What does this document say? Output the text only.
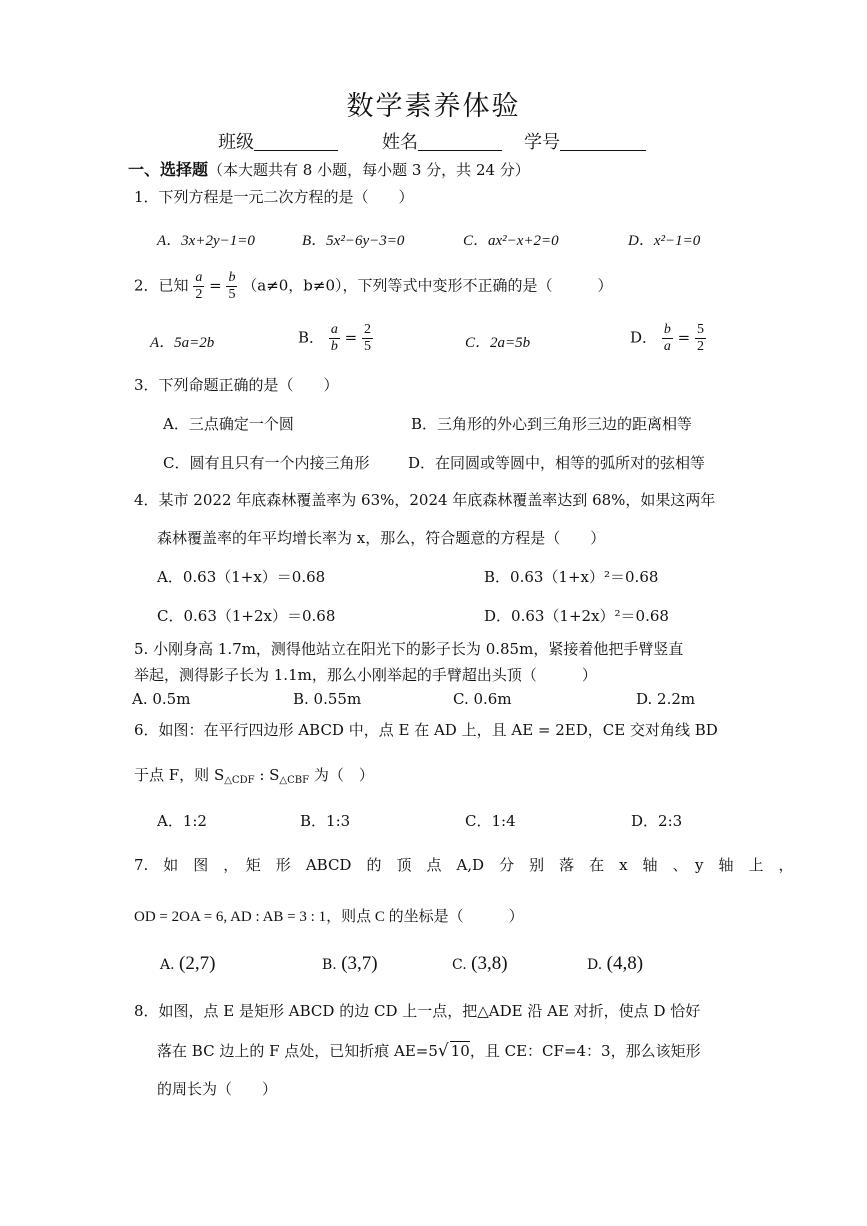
数学素养体验
班级	姓名	学号
一、选择题（本大题共有 8 小题，每小题 3 分，共 24 分）
1．下列方程是一元二次方程的是（　　）
A．3x+2y−1=0	B．5x²−6y−3=0	C．ax²−x+2=0	D．x²−1=0
2．已知 $\frac{a}{2} = \frac{b}{5} (a\ne 0$，b≠0），下列等式中变形不正确的是（　　　）
A．5a=2b	B． $\frac{a}{b} = \frac{2}{5}$	C．2a=5b	D． $\frac{b}{a} = \frac{5}{2}$
3．下列命题正确的是（　　）
A．三点确定一个圆	B．三角形的外心到三角形三边的距离相等
C．圆有且只有一个内接三角形	D．在同圆或等圆中，相等的弧所对的弦相等
4．某市 2022 年底森林覆盖率为 63%，2024 年底森林覆盖率达到 68%，如果这两年
森林覆盖率的年平均增长率为 x，那么，符合题意的方程是（　　）
A．0.63（1+x）＝0.68	B．0.63（1+x）²＝0.68
C．0.63（1+2x）＝0.68	D．0.63（1+2x）²＝0.68
5. 小刚身高 1.7m，测得他站立在阳光下的影子长为 0.85m，紧接着他把手臂竖直
举起，测得影子长为 1.1m，那么小刚举起的手臂超出头顶（　　　）
A. 0.5m	B. 0.55m	C. 0.6m	D. 2.2m
6．如图：在平行四边形 ABCD 中，点 E 在 AD 上，且 AE = 2ED，CE 交对角线 BD
于点 F，则 $S_{\triangle CDF}$ : $S_{\triangle CBF}$ 为（　）
A．1:2	B．1:3	C．1:4	D．2:3
7.　如　图　，　矩　形　ABCD　的　顶　点　A,D　分　别　落　在　x　轴　、　y　轴　上　，
OD = 2OA = 6, AD : AB = 3 : 1，则点 C 的坐标是（　　　）
A. (2,7)	B. (3,7)	C. (3,8)	D. (4,8)
8．如图，点 E 是矩形 ABCD 的边 CD 上一点，把△ADE 沿 AE 对折，使点 D 恰好
落在 BC 边上的 F 点处，已知折痕 AE=5√ 10，且 CE：CF=4：3，那么该矩形
的周长为（　　）
